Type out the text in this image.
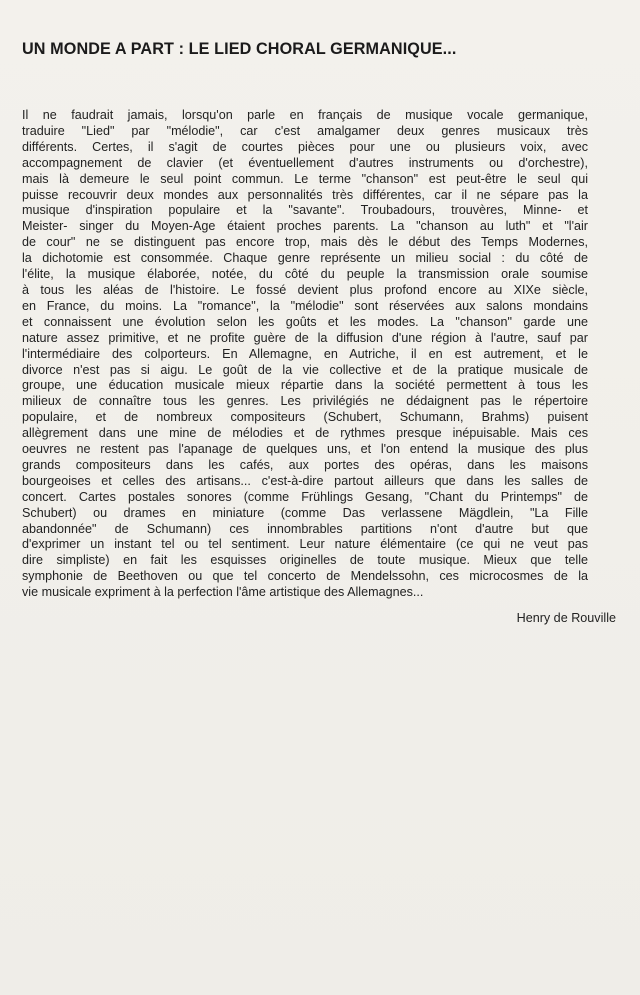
UN MONDE A PART : LE LIED CHORAL GERMANIQUE...
Il ne faudrait jamais, lorsqu'on parle en français de musique vocale germanique,
traduire "Lied" par "mélodie", car c'est amalgamer deux genres musicaux très
différents. Certes, il s'agit de courtes pièces pour une ou plusieurs voix, avec
accompagnement de clavier (et éventuellement d'autres instruments ou d'orchestre),
mais là demeure le seul point commun. Le terme "chanson" est peut-être le seul qui
puisse recouvrir deux mondes aux personnalités très différentes, car il ne sépare pas la
musique d'inspiration populaire et la "savante". Troubadours, trouvères, Minne- et
Meister- singer du Moyen-Age étaient proches parents. La "chanson au luth" et "l'air
de cour" ne se distinguent pas encore trop, mais dès le début des Temps Modernes,
la dichotomie est consommée. Chaque genre représente un milieu social : du côté de
l'élite, la musique élaborée, notée, du côté du peuple la transmission orale soumise
à tous les aléas de l'histoire. Le fossé devient plus profond encore au XIXe siècle,
en France, du moins. La "romance", la "mélodie" sont réservées aux salons mondains
et connaissent une évolution selon les goûts et les modes. La "chanson" garde une
nature assez primitive, et ne profite guère de la diffusion d'une région à l'autre, sauf par
l'intermédiaire des colporteurs. En Allemagne, en Autriche, il en est autrement, et le
divorce n'est pas si aigu. Le goût de la vie collective et de la pratique musicale de
groupe, une éducation musicale mieux répartie dans la société permettent à tous les
milieux de connaître tous les genres. Les privilégiés ne dédaignent pas le répertoire
populaire, et de nombreux compositeurs (Schubert, Schumann, Brahms) puisent
allègrement dans une mine de mélodies et de rythmes presque inépuisable. Mais ces
oeuvres ne restent pas l'apanage de quelques uns, et l'on entend la musique des plus
grands compositeurs dans les cafés, aux portes des opéras, dans les maisons
bourgeoises et celles des artisans... c'est-à-dire partout ailleurs que dans les salles de
concert. Cartes postales sonores (comme Frühlings Gesang, "Chant du Printemps" de
Schubert) ou drames en miniature (comme Das verlassene Mägdlein, "La Fille
abandonnée" de Schumann) ces innombrables partitions n'ont d'autre but que
d'exprimer un instant tel ou tel sentiment. Leur nature élémentaire (ce qui ne veut pas
dire simpliste) en fait les esquisses originelles de toute musique. Mieux que telle
symphonie de Beethoven ou que tel concerto de Mendelssohn, ces microcosmes de la
vie musicale expriment à la perfection l'âme artistique des Allemagnes...
Henry de Rouville
